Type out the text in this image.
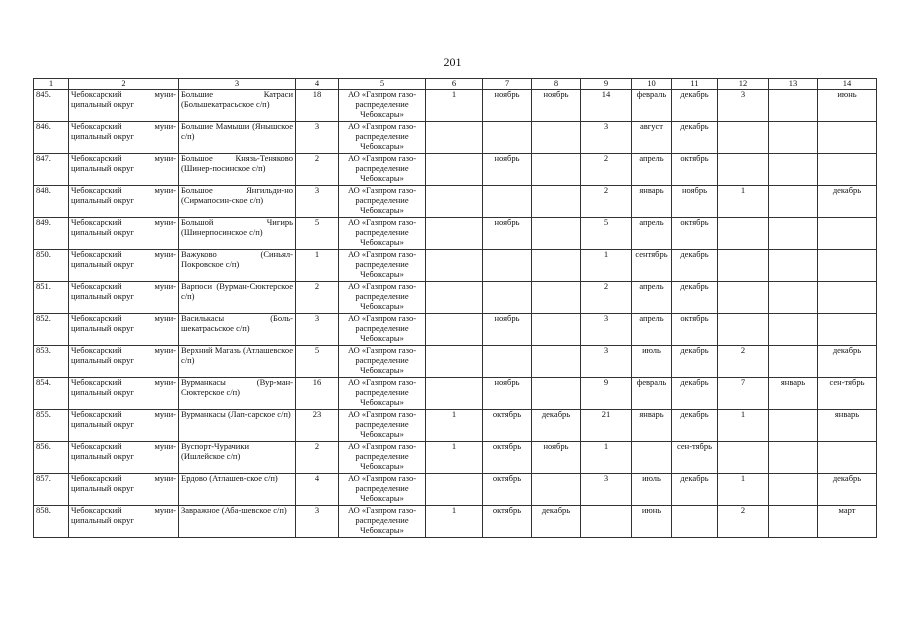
201
1	2	3	4	5	6	7	8	9	10	11	12	13	14
845.	Чебоксарский муни-ципальный округ	Большие Катраси (Большекатрасьское с/п)	18	АО «Газпром газо-распределение Чебоксары»	1	ноябрь	ноябрь	14	февраль	декабрь	3		июнь
846.	Чебоксарский муни-ципальный округ	Большие Мамыши (Янышское с/п)	3	АО «Газпром газо-распределение Чебоксары»				3	август	декабрь			
847.	Чебоксарский муни-ципальный округ	Большое Князь-Теняково (Шинер-посинское с/п)	2	АО «Газпром газо-распределение Чебоксары»		ноябрь		2	апрель	октябрь			
848.	Чебоксарский муни-ципальный округ	Большое Янгильди-но (Сирмапосин-ское с/п)	3	АО «Газпром газо-распределение Чебоксары»				2	январь	ноябрь	1		декабрь
849.	Чебоксарский муни-ципальный округ	Большой Чигирь (Шинерпосинское с/п)	5	АО «Газпром газо-распределение Чебоксары»		ноябрь		5	апрель	октябрь			
850.	Чебоксарский муни-ципальный округ	Важуково (Синьял-Покровское с/п)	1	АО «Газпром газо-распределение Чебоксары»				1	сентябрь	декабрь			
851.	Чебоксарский муни-ципальный округ	Варпоси (Вурман-Сюктерское с/п)	2	АО «Газпром газо-распределение Чебоксары»				2	апрель	декабрь			
852.	Чебоксарский муни-ципальный округ	Василькасы (Боль-шекатрасьское с/п)	3	АО «Газпром газо-распределение Чебоксары»		ноябрь		3	апрель	октябрь			
853.	Чебоксарский муни-ципальный округ	Верхний Магазь (Атлашевское с/п)	5	АО «Газпром газо-распределение Чебоксары»				3	июль	декабрь	2		декабрь
854.	Чебоксарский муни-ципальный округ	Вурманкасы (Вур-ман-Сюктерское с/п)	16	АО «Газпром газо-распределение Чебоксары»		ноябрь		9	февраль	декабрь	7	январь	сен-тябрь
855.	Чебоксарский муни-ципальный округ	Вурманкасы (Лап-сарское с/п)	23	АО «Газпром газо-распределение Чебоксары»	1	октябрь	декабрь	21	январь	декабрь	1		январь
856.	Чебоксарский муни-ципальный округ	Вуспорт-Чурачики (Ишлейское с/п)	2	АО «Газпром газо-распределение Чебоксары»	1	октябрь	ноябрь	1		сен-тябрь			
857.	Чебоксарский муни-ципальный округ	Ердово (Атлашев-ское с/п)	4	АО «Газпром газо-распределение Чебоксары»		октябрь		3	июль	декабрь	1		декабрь
858.	Чебоксарский муни-ципальный округ	Завражное (Абa-шевское с/п)	3	АО «Газпром газо-распределение Чебоксары»	1	октябрь	декабрь		июнь		2		март
